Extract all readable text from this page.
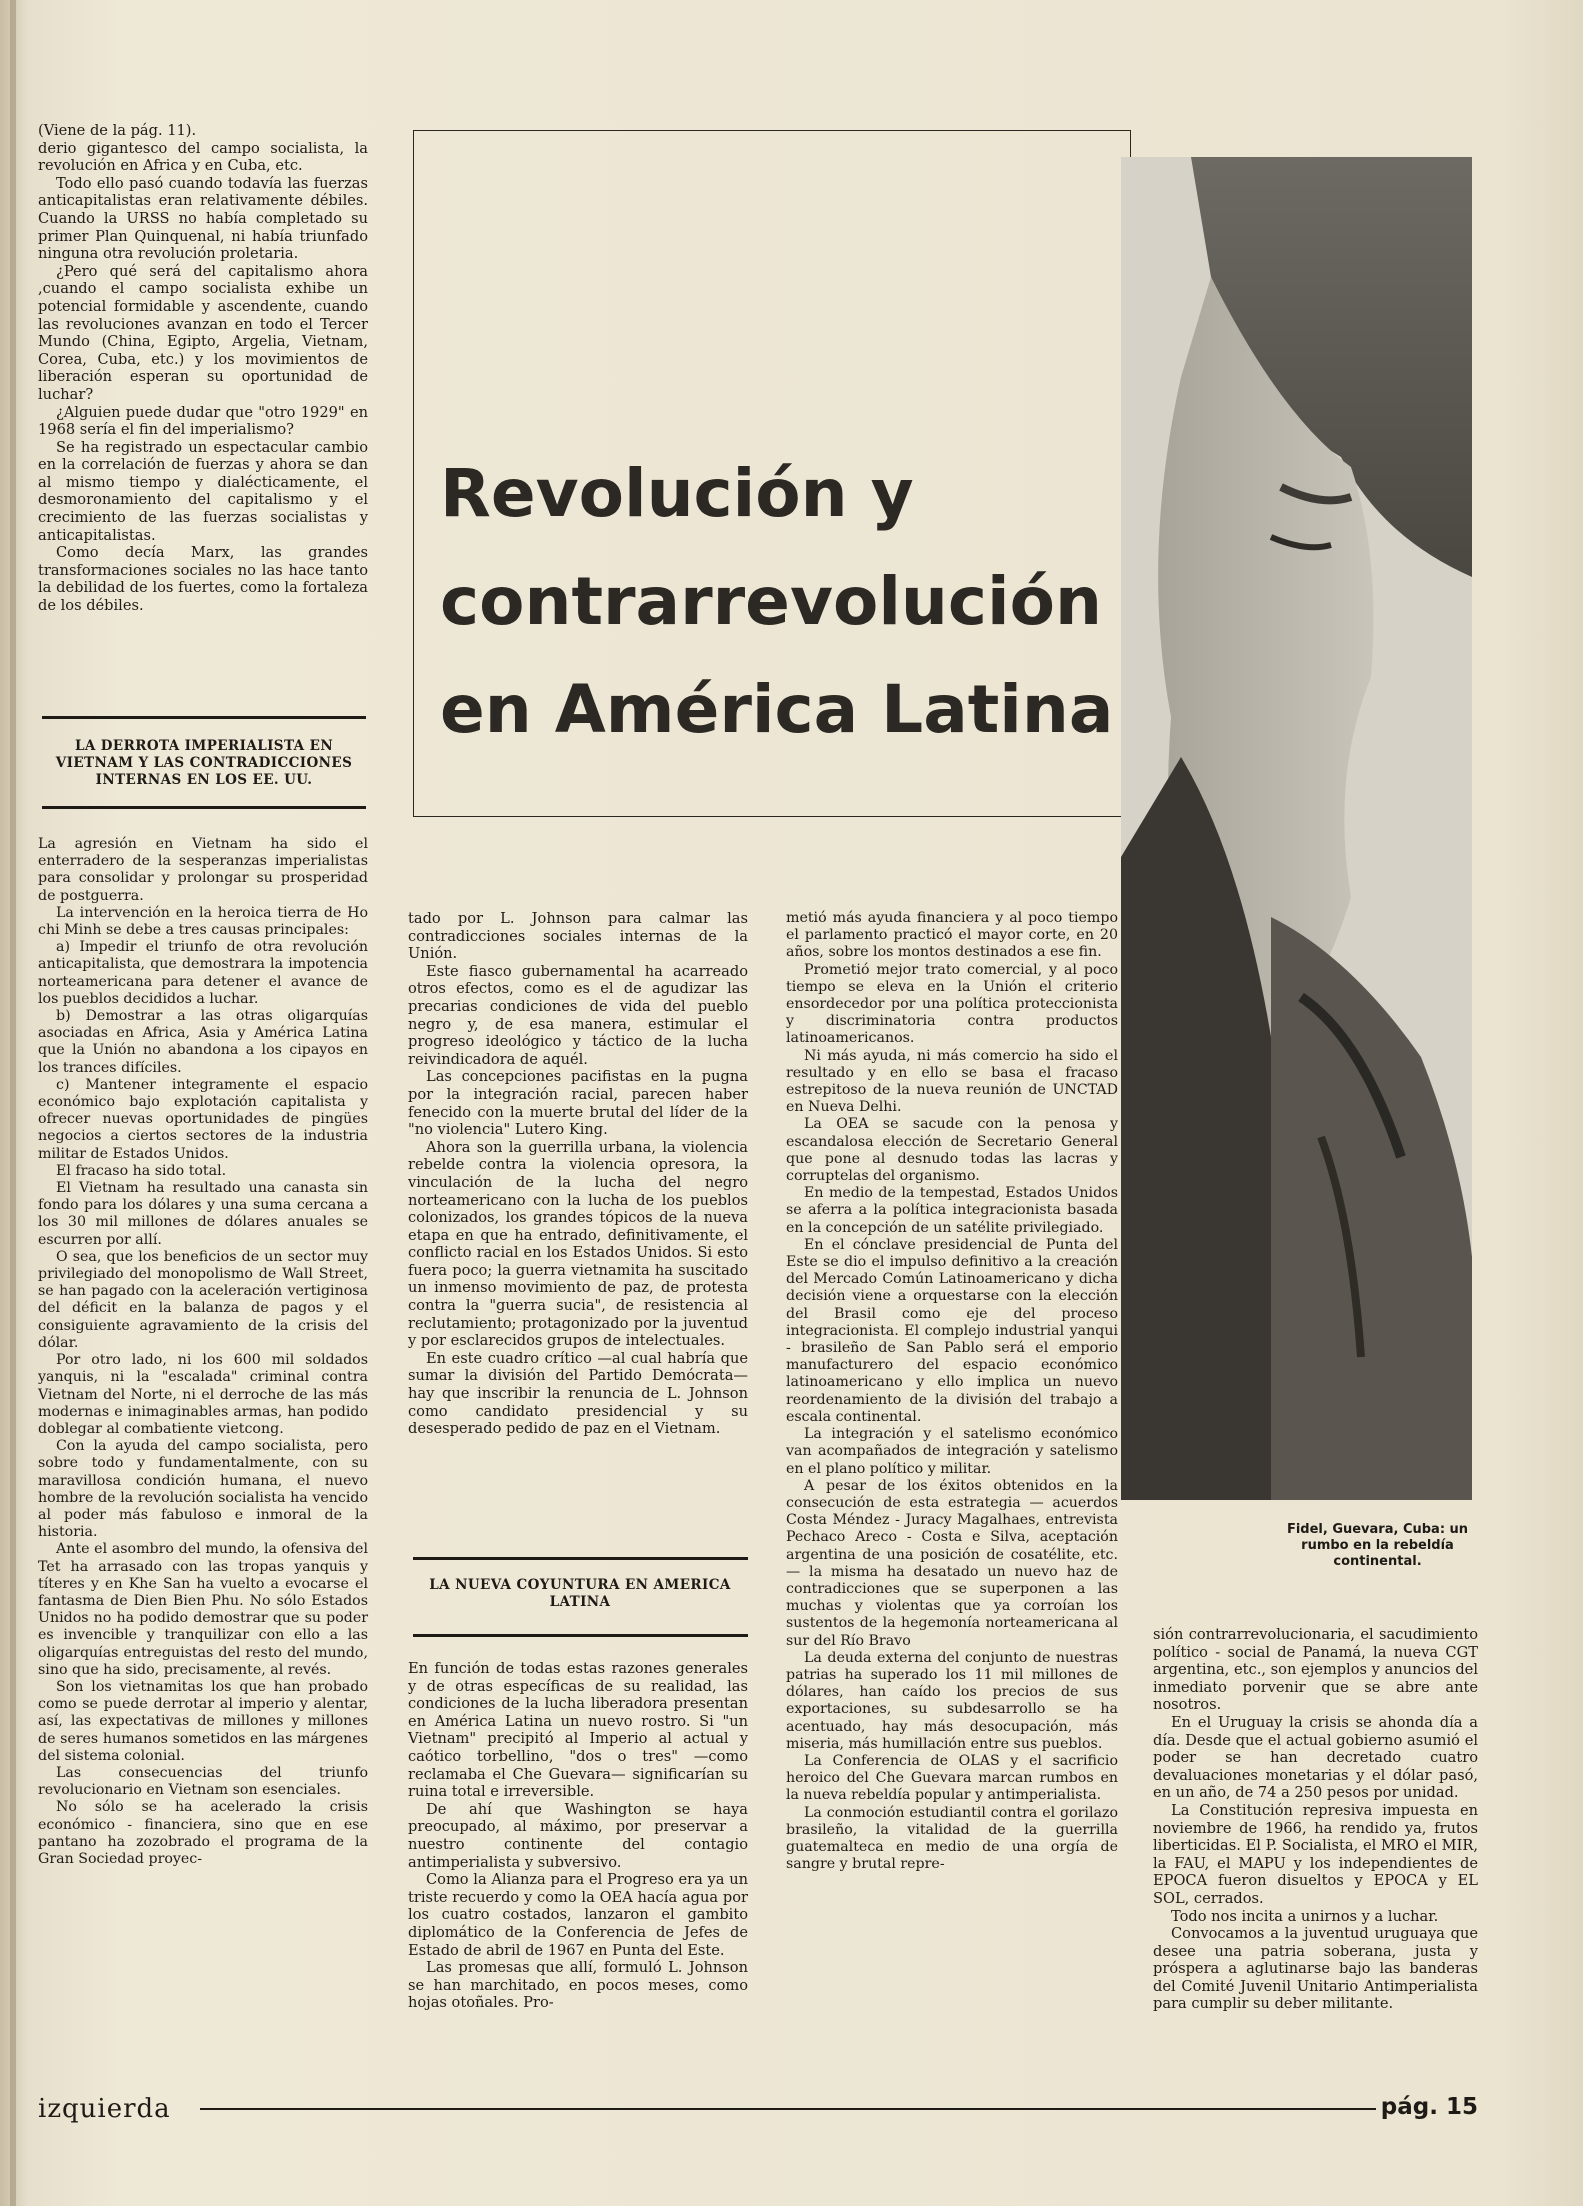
(Viene de la pág. 11).

derio gigantesco del campo socialista, la revolución en Africa y en Cuba, etc.

Todo ello pasó cuando todavía las fuerzas anticapitalistas eran relativamente débiles. Cuando la URSS no había completado su primer Plan Quinquenal, ni había triunfado ninguna otra revolución proletaria.

¿Pero qué será del capitalismo ahora ,cuando el campo socialista exhibe un potencial formidable y ascendente, cuando las revoluciones avanzan en todo el Tercer Mundo (China, Egipto, Argelia, Vietnam, Corea, Cuba, etc.) y los movimientos de liberación esperan su oportunidad de luchar?

¿Alguien puede dudar que "otro 1929" en 1968 sería el fin del imperialismo?

Se ha registrado un espectacular cambio en la correlación de fuerzas y ahora se dan al mismo tiempo y dialécticamente, el desmoronamiento del capitalismo y el crecimiento de las fuerzas socialistas y anticapitalistas.

Como decía Marx, las grandes transformaciones sociales no las hace tanto la debilidad de los fuertes, como la fortaleza de los débiles.

LA DERROTA IMPERIALISTA EN VIETNAM Y LAS CONTRADICCIONES INTERNAS EN LOS EE. UU.

La agresión en Vietnam ha sido el enterradero de la sesperanzas imperialistas para consolidar y prolongar su prosperidad de postguerra.

La intervención en la heroica tierra de Ho chi Minh se debe a tres causas principales:

a) Impedir el triunfo de otra revolución anticapitalista, que demostrara la impotencia norteamericana para detener el avance de los pueblos decididos a luchar.

b) Demostrar a las otras oligarquías asociadas en Africa, Asia y América Latina que la Unión no abandona a los cipayos en los trances difíciles.

c) Mantener integramente el espacio económico bajo explotación capitalista y ofrecer nuevas oportunidades de pingües negocios a ciertos sectores de la industria militar de Estados Unidos.

El fracaso ha sido total.

El Vietnam ha resultado una canasta sin fondo para los dólares y una suma cercana a los 30 mil millones de dólares anuales se escurren por allí.

O sea, que los beneficios de un sector muy privilegiado del monopolismo de Wall Street, se han pagado con la aceleración vertiginosa del déficit en la balanza de pagos y el consiguiente agravamiento de la crisis del dólar.

Por otro lado, ni los 600 mil soldados yanquis, ni la "escalada" criminal contra Vietnam del Norte, ni el derroche de las más modernas e inimaginables armas, han podido doblegar al combatiente vietcong.

Con la ayuda del campo socialista, pero sobre todo y fundamentalmente, con su maravillosa condición humana, el nuevo hombre de la revolución socialista ha vencido al poder más fabuloso e inmoral de la historia.

Ante el asombro del mundo, la ofensiva del Tet ha arrasado con las tropas yanquis y títeres y en Khe San ha vuelto a evocarse el fantasma de Dien Bien Phu. No sólo Estados Unidos no ha podido demostrar que su poder es invencible y tranquilizar con ello a las oligarquías entreguistas del resto del mundo, sino que ha sido, precisamente, al revés.

Son los vietnamitas los que han probado como se puede derrotar al imperio y alentar, así, las expectativas de millones y millones de seres humanos sometidos en las márgenes del sistema colonial.

Las consecuencias del triunfo revolucionario en Vietnam son esenciales.

No sólo se ha acelerado la crisis económico - financiera, sino que en ese pantano ha zozobrado el programa de la Gran Sociedad proyec-

Revolución y
contrarrevolución
en América Latina
Fidel, Guevara, Cuba: un rumbo en la rebeldía continental.

tado por L. Johnson para calmar las contradicciones sociales internas de la Unión.

Este fiasco gubernamental ha acarreado otros efectos, como es el de agudizar las precarias condiciones de vida del pueblo negro y, de esa manera, estimular el progreso ideológico y táctico de la lucha reivindicadora de aquél.

Las concepciones pacifistas en la pugna por la integración racial, parecen haber fenecido con la muerte brutal del líder de la "no violencia" Lutero King.

Ahora son la guerrilla urbana, la violencia rebelde contra la violencia opresora, la vinculación de la lucha del negro norteamericano con la lucha de los pueblos colonizados, los grandes tópicos de la nueva etapa en que ha entrado, definitivamente, el conflicto racial en los Estados Unidos. Si esto fuera poco; la guerra vietnamita ha suscitado un inmenso movimiento de paz, de protesta contra la "guerra sucia", de resistencia al reclutamiento; protagonizado por la juventud y por esclarecidos grupos de intelectuales.

En este cuadro crítico —al cual habría que sumar la división del Partido Demócrata— hay que inscribir la renuncia de L. Johnson como candidato presidencial y su desesperado pedido de paz en el Vietnam.

LA NUEVA COYUNTURA EN AMERICA LATINA

En función de todas estas razones generales y de otras específicas de su realidad, las condiciones de la lucha liberadora presentan en América Latina un nuevo rostro. Si "un Vietnam" precipitó al Imperio al actual y caótico torbellino, "dos o tres" —como reclamaba el Che Guevara— significarían su ruina total e irreversible.

De ahí que Washington se haya preocupado, al máximo, por preservar a nuestro continente del contagio antimperialista y subversivo.

Como la Alianza para el Progreso era ya un triste recuerdo y como la OEA hacía agua por los cuatro costados, lanzaron el gambito diplomático de la Conferencia de Jefes de Estado de abril de 1967 en Punta del Este.

Las promesas que allí, formuló L. Johnson se han marchitado, en pocos meses, como hojas otoñales. Pro-

metió más ayuda financiera y al poco tiempo el parlamento practicó el mayor corte, en 20 años, sobre los montos destinados a ese fin.

Prometió mejor trato comercial, y al poco tiempo se eleva en la Unión el criterio ensordecedor por una política proteccionista y discriminatoria contra productos latinoamericanos.

Ni más ayuda, ni más comercio ha sido el resultado y en ello se basa el fracaso estrepitoso de la nueva reunión de UNCTAD en Nueva Delhi.

La OEA se sacude con la penosa y escandalosa elección de Secretario General que pone al desnudo todas las lacras y corruptelas del organismo.

En medio de la tempestad, Estados Unidos se aferra a la política integracionista basada en la concepción de un satélite privilegiado.

En el cónclave presidencial de Punta del Este se dio el impulso definitivo a la creación del Mercado Común Latinoamericano y dicha decisión viene a orquestarse con la elección del Brasil como eje del proceso integracionista. El complejo industrial yanqui - brasileño de San Pablo será el emporio manufacturero del espacio económico latinoamericano y ello implica un nuevo reordenamiento de la división del trabajo a escala continental.

La integración y el satelismo económico van acompañados de integración y satelismo en el plano político y militar.

A pesar de los éxitos obtenidos en la consecución de esta estrategia — acuerdos Costa Méndez - Juracy Magalhaes, entrevista Pechaco Areco - Costa e Silva, aceptación argentina de una posición de cosatélite, etc.— la misma ha desatado un nuevo haz de contradicciones que se superponen a las muchas y violentas que ya corroían los sustentos de la hegemonía norteamericana al sur del Río Bravo

La deuda externa del conjunto de nuestras patrias ha superado los 11 mil millones de dólares, han caído los precios de sus exportaciones, su subdesarrollo se ha acentuado, hay más desocupación, más miseria, más humillación entre sus pueblos.

La Conferencia de OLAS y el sacrificio heroico del Che Guevara marcan rumbos en la nueva rebeldía popular y antimperialista.

La conmoción estudiantil contra el gorilazo brasileño, la vitalidad de la guerrilla guatemalteca en medio de una orgía de sangre y brutal repre-

sión contrarrevolucionaria, el sacudimiento político - social de Panamá, la nueva CGT argentina, etc., son ejemplos y anuncios del inmediato porvenir que se abre ante nosotros.

En el Uruguay la crisis se ahonda día a día. Desde que el actual gobierno asumió el poder se han decretado cuatro devaluaciones monetarias y el dólar pasó, en un año, de 74 a 250 pesos por unidad.

La Constitución represiva impuesta en noviembre de 1966, ha rendido ya, frutos liberticidas. El P. Socialista, el MRO el MIR, la FAU, el MAPU y los independientes de EPOCA fueron disueltos y EPOCA y EL SOL, cerrados.

Todo nos incita a unirnos y a luchar.

Convocamos a la juventud uruguaya que desee una patria soberana, justa y próspera a aglutinarse bajo las banderas del Comité Juvenil Unitario Antimperialista para cumplir su deber militante.

izquierda	pág. 15
